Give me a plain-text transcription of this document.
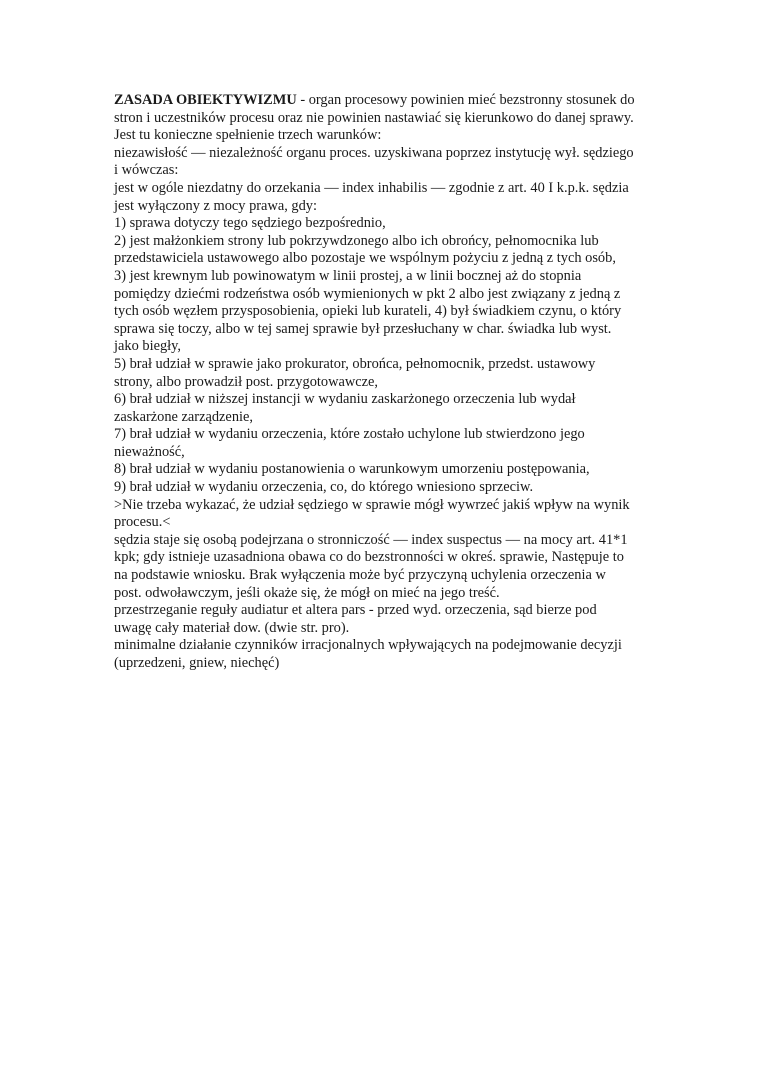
ZASADA OBIEKTYWIZMU - organ procesowy powinien mieć bezstronny stosunek do
stron i uczestników procesu oraz nie powinien nastawiać się kierunkowo do danej sprawy.
Jest tu konieczne spełnienie trzech warunków:
niezawisłość — niezależność organu proces. uzyskiwana poprzez instytucję wył. sędziego
i wówczas:
jest w ogóle niezdatny do orzekania — index inhabilis — zgodnie z art. 40 I k.p.k. sędzia
jest wyłączony z mocy prawa, gdy:
1) sprawa dotyczy tego sędziego bezpośrednio,
2) jest małżonkiem strony lub pokrzywdzonego albo ich obrońcy, pełnomocnika lub
przedstawiciela ustawowego albo pozostaje we wspólnym pożyciu z jedną z tych osób,
3) jest krewnym lub powinowatym w linii prostej, a w linii bocznej aż do stopnia
pomiędzy dziećmi rodzeństwa osób wymienionych w pkt 2 albo jest związany z jedną z
tych osób węzłem przysposobienia, opieki lub kurateli, 4) był świadkiem czynu, o który
sprawa się toczy, albo w tej samej sprawie był przesłuchany w char. świadka lub wyst.
jako biegły,
5) brał udział w sprawie jako prokurator, obrońca, pełnomocnik, przedst. ustawowy
strony, albo prowadził post. przygotowawcze,
6) brał udział w niższej instancji w wydaniu zaskarżonego orzeczenia lub wydał
zaskarżone zarządzenie,
7) brał udział w wydaniu orzeczenia, które zostało uchylone lub stwierdzono jego
nieważność,
8) brał udział w wydaniu postanowienia o warunkowym umorzeniu postępowania,
9) brał udział w wydaniu orzeczenia, co, do którego wniesiono sprzeciw.
>Nie trzeba wykazać, że udział sędziego w sprawie mógł wywrzeć jakiś wpływ na wynik
procesu.<
sędzia staje się osobą podejrzana o stronniczość — index suspectus — na mocy art. 41*1
kpk; gdy istnieje uzasadniona obawa co do bezstronności w okreś. sprawie, Następuje to
na podstawie wniosku. Brak wyłączenia może być przyczyną uchylenia orzeczenia w
post. odwoławczym, jeśli okaże się, że mógł on mieć na jego treść.
przestrzeganie reguły audiatur et altera pars - przed wyd. orzeczenia, sąd bierze pod
uwagę cały materiał dow. (dwie str. pro).
minimalne działanie czynników irracjonalnych wpływających na podejmowanie decyzji
(uprzedzeni, gniew, niechęć)
